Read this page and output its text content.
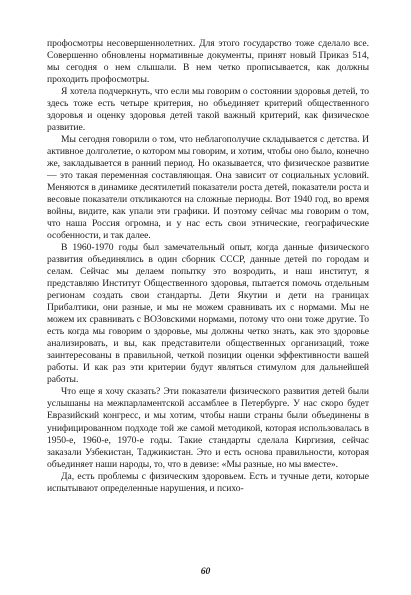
профосмотры несовершеннолетних. Для этого государство тоже сделало все. Совершенно обновлены нормативные документы, принят новый Приказ 514, мы сегодня о нем слышали. В нем четко прописывается, как должны проходить профосмотры.

Я хотела подчеркнуть, что если мы говорим о состоянии здоровья детей, то здесь тоже есть четыре критерия, но объединяет критерий общественного здоровья и оценку здоровья детей такой важный критерий, как физическое развитие.

Мы сегодня говорили о том, что неблагополучие складывается с детства. И активное долголетие, о котором мы говорим, и хотим, чтобы оно было, конечно же, закладывается в ранний период. Но оказывается, что физическое развитие — это такая переменная составляющая. Она зависит от социальных условий. Меняются в динамике десятилетий показатели роста детей, показатели роста и весовые показатели откликаются на сложные периоды. Вот 1940 год, во время войны, видите, как упали эти графики. И поэтому сейчас мы говорим о том, что наша Россия огромна, и у нас есть свои этнические, географические особенности, и так далее.

В 1960-1970 годы был замечательный опыт, когда данные физического развития объединялись в один сборник СССР, данные детей по городам и селам. Сейчас мы делаем попытку это возродить, и наш институт, я представляю Институт Общественного здоровья, пытается помочь отдельным регионам создать свои стандарты. Дети Якутии и дети на границах Прибалтики, они разные, и мы не можем сравнивать их с нормами. Мы не можем их сравнивать с ВОЗовскими нормами, потому что они тоже другие. То есть когда мы говорим о здоровье, мы должны четко знать, как это здоровье анализировать, и вы, как представители общественных организаций, тоже заинтересованы в правильной, четкой позиции оценки эффективности вашей работы. И как раз эти критерии будут являться стимулом для дальнейшей работы.

Что еще я хочу сказать? Эти показатели физического развития детей были услышаны на межпарламентской ассамблее в Петербурге. У нас скоро будет Евразийский конгресс, и мы хотим, чтобы наши страны были объединены в унифицированном подходе той же самой методикой, которая использовалась в 1950-е, 1960-е, 1970-е годы. Такие стандарты сделала Киргизия, сейчас заказали Узбекистан, Таджикистан. Это и есть основа правильности, которая объединяет наши народы, то, что в девизе: «Мы разные, но мы вместе».

Да, есть проблемы с физическим здоровьем. Есть и тучные дети, которые испытывают определенные нарушения, и психо-

60
